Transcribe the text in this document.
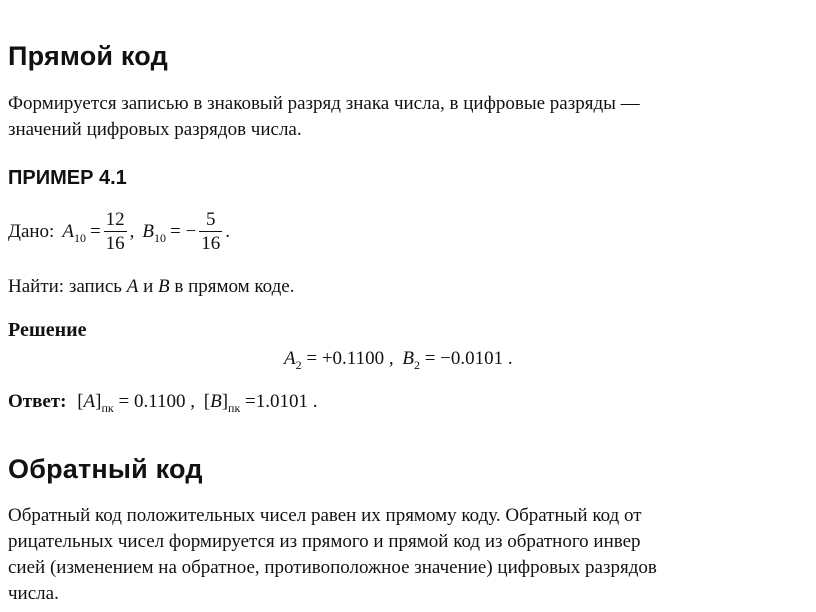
Прямой код
Формируется записью в знаковый разряд знака числа, в цифровые разряды —
значений цифровых разрядов числа.
ПРИМЕР 4.1
Дано: $A_{10} = \frac{12}{16}$ , $B_{10}$ = − $\frac{5}{16}$ .
Найти: запись A и B в прямом коде.
Решение
$A_2 = +0.1100$ , $B_2 = -0.0101$ .
Ответ: $[A]_{пк} = 0.1100$ , $[B]_{пк} =1.0101$ .
Обратный код
Обратный код положительных чисел равен их прямому коду. Обратный код от
рицательных чисел формируется из прямого и прямой код из обратного инвер
сией (изменением на обратное, противоположное значение) цифровых разрядов
числа.
